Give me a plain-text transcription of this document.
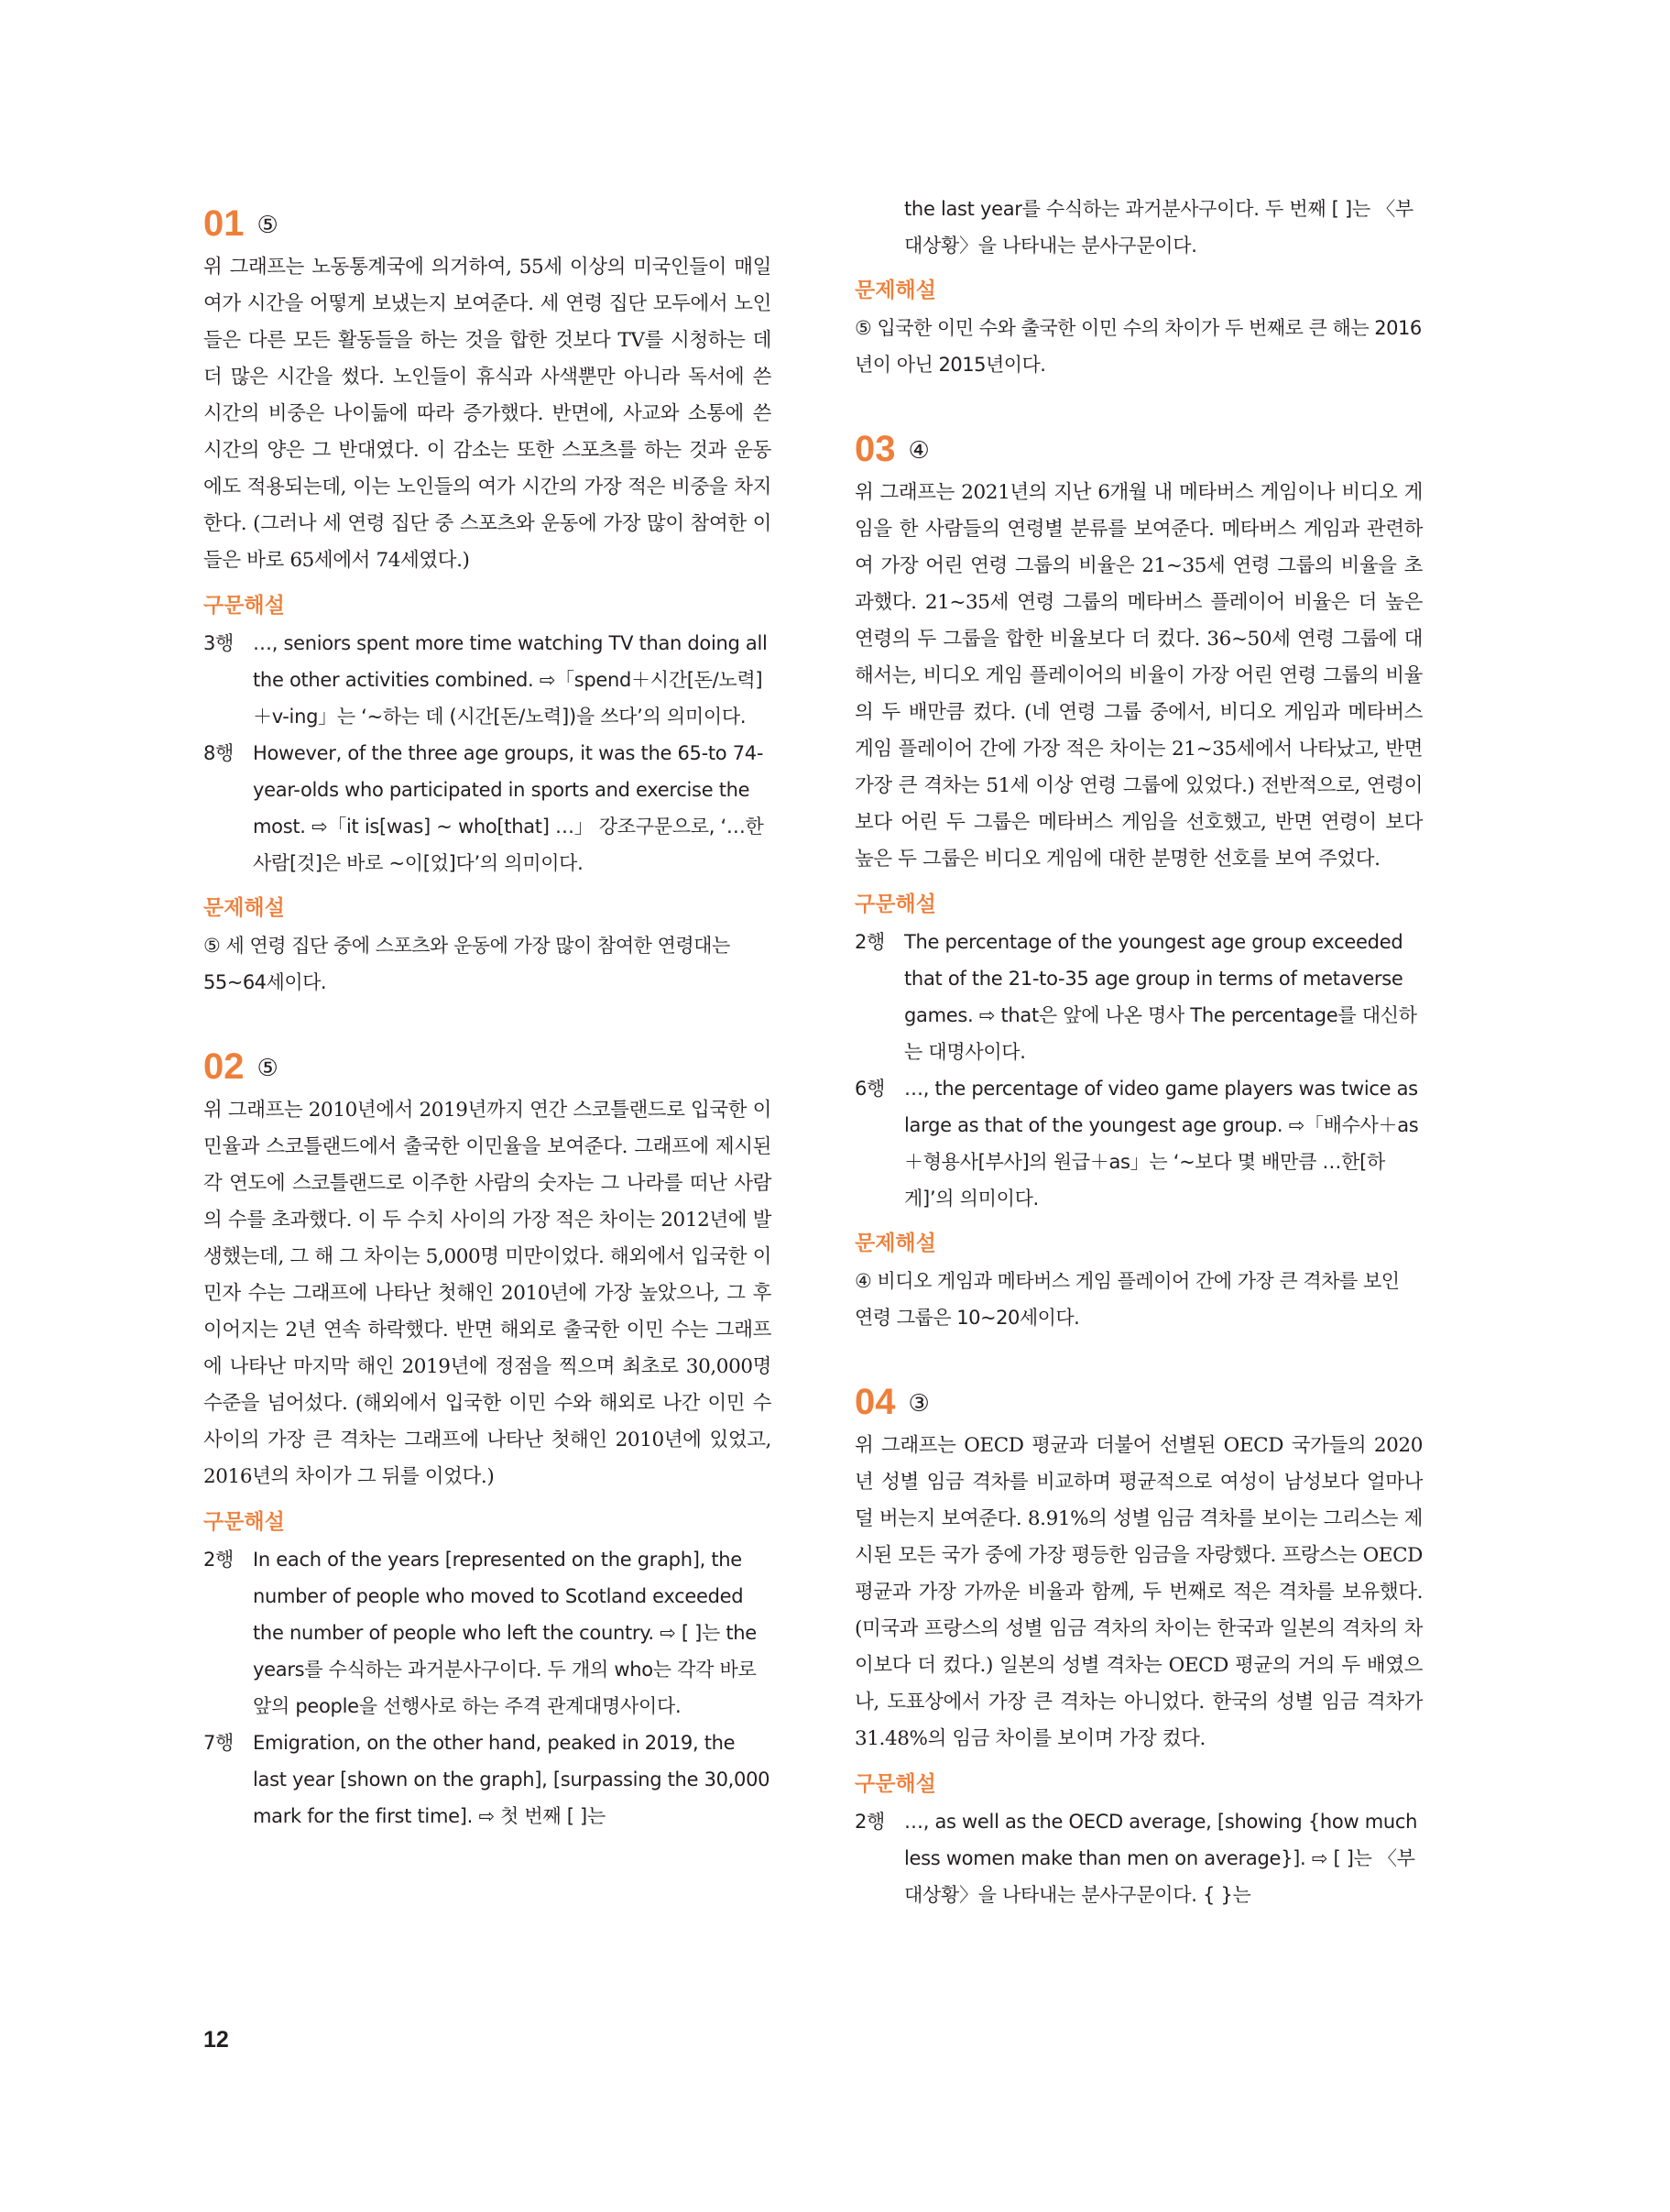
01 ⑤

위 그래프는 노동통계국에 의거하여, 55세 이상의 미국인들이 매일 여가 시간을 어떻게 보냈는지 보여준다. 세 연령 집단 모두에서 노인들은 다른 모든 활동들을 하는 것을 합한 것보다 TV를 시청하는 데 더 많은 시간을 썼다. 노인들이 휴식과 사색뿐만 아니라 독서에 쓴 시간의 비중은 나이듦에 따라 증가했다. 반면에, 사교와 소통에 쓴 시간의 양은 그 반대였다. 이 감소는 또한 스포츠를 하는 것과 운동에도 적용되는데, 이는 노인들의 여가 시간의 가장 적은 비중을 차지한다. (그러나 세 연령 집단 중 스포츠와 운동에 가장 많이 참여한 이들은 바로 65세에서 74세였다.)

구문해설
3행 …, seniors spent more time watching TV than doing all the other activities combined. ⇨「spend＋시간[돈/노력]＋v-ing」는 ‘~하는 데 (시간[돈/노력])을 쓰다’의 의미이다.
8행 However, of the three age groups, it was the 65-to 74-year-olds who participated in sports and exercise the most. ⇨「it is[was] ~ who[that] …」 강조구문으로, ‘…한 사람[것]은 바로 ~이[었]다’의 의미이다.
문제해설

⑤ 세 연령 집단 중에 스포츠와 운동에 가장 많이 참여한 연령대는 55~64세이다.

02 ⑤

위 그래프는 2010년에서 2019년까지 연간 스코틀랜드로 입국한 이민율과 스코틀랜드에서 출국한 이민율을 보여준다. 그래프에 제시된 각 연도에 스코틀랜드로 이주한 사람의 숫자는 그 나라를 떠난 사람의 수를 초과했다. 이 두 수치 사이의 가장 적은 차이는 2012년에 발생했는데, 그 해 그 차이는 5,000명 미만이었다. 해외에서 입국한 이민자 수는 그래프에 나타난 첫해인 2010년에 가장 높았으나, 그 후 이어지는 2년 연속 하락했다. 반면 해외로 출국한 이민 수는 그래프에 나타난 마지막 해인 2019년에 정점을 찍으며 최초로 30,000명 수준을 넘어섰다. (해외에서 입국한 이민 수와 해외로 나간 이민 수 사이의 가장 큰 격차는 그래프에 나타난 첫해인 2010년에 있었고, 2016년의 차이가 그 뒤를 이었다.)

구문해설
2행 In each of the years [represented on the graph], the number of people who moved to Scotland exceeded the number of people who left the country. ⇨ [ ]는 the years를 수식하는 과거분사구이다. 두 개의 who는 각각 바로 앞의 people을 선행사로 하는 주격 관계대명사이다.
7행 Emigration, on the other hand, peaked in 2019, the last year [shown on the graph], [surpassing the 30,000 mark for the first time]. ⇨ 첫 번째 [ ]는

the last year를 수식하는 과거분사구이다. 두 번째 [ ]는 〈부대상황〉을 나타내는 분사구문이다.

문제해설

⑤ 입국한 이민 수와 출국한 이민 수의 차이가 두 번째로 큰 해는 2016년이 아닌 2015년이다.

03 ④

위 그래프는 2021년의 지난 6개월 내 메타버스 게임이나 비디오 게임을 한 사람들의 연령별 분류를 보여준다. 메타버스 게임과 관련하여 가장 어린 연령 그룹의 비율은 21~35세 연령 그룹의 비율을 초과했다. 21~35세 연령 그룹의 메타버스 플레이어 비율은 더 높은 연령의 두 그룹을 합한 비율보다 더 컸다. 36~50세 연령 그룹에 대해서는, 비디오 게임 플레이어의 비율이 가장 어린 연령 그룹의 비율의 두 배만큼 컸다. (네 연령 그룹 중에서, 비디오 게임과 메타버스 게임 플레이어 간에 가장 적은 차이는 21~35세에서 나타났고, 반면 가장 큰 격차는 51세 이상 연령 그룹에 있었다.) 전반적으로, 연령이 보다 어린 두 그룹은 메타버스 게임을 선호했고, 반면 연령이 보다 높은 두 그룹은 비디오 게임에 대한 분명한 선호를 보여 주었다.

구문해설
2행 The percentage of the youngest age group exceeded that of the 21-to-35 age group in terms of metaverse games. ⇨ that은 앞에 나온 명사 The percentage를 대신하는 대명사이다.
6행 …, the percentage of video game players was twice as large as that of the youngest age group. ⇨「배수사＋as＋형용사[부사]의 원급＋as」는 ‘~보다 몇 배만큼 …한[하게]’의 의미이다.
문제해설

④ 비디오 게임과 메타버스 게임 플레이어 간에 가장 큰 격차를 보인 연령 그룹은 10~20세이다.

04 ③

위 그래프는 OECD 평균과 더불어 선별된 OECD 국가들의 2020년 성별 임금 격차를 비교하며 평균적으로 여성이 남성보다 얼마나 덜 버는지 보여준다. 8.91%의 성별 임금 격차를 보이는 그리스는 제시된 모든 국가 중에 가장 평등한 임금을 자랑했다. 프랑스는 OECD 평균과 가장 가까운 비율과 함께, 두 번째로 적은 격차를 보유했다. (미국과 프랑스의 성별 임금 격차의 차이는 한국과 일본의 격차의 차이보다 더 컸다.) 일본의 성별 격차는 OECD 평균의 거의 두 배였으나, 도표상에서 가장 큰 격차는 아니었다. 한국의 성별 임금 격차가 31.48%의 임금 차이를 보이며 가장 컸다.

구문해설
2행 …, as well as the OECD average, [showing {how much less women make than men on average}]. ⇨ [ ]는 〈부대상황〉을 나타내는 분사구문이다. { }는
12
